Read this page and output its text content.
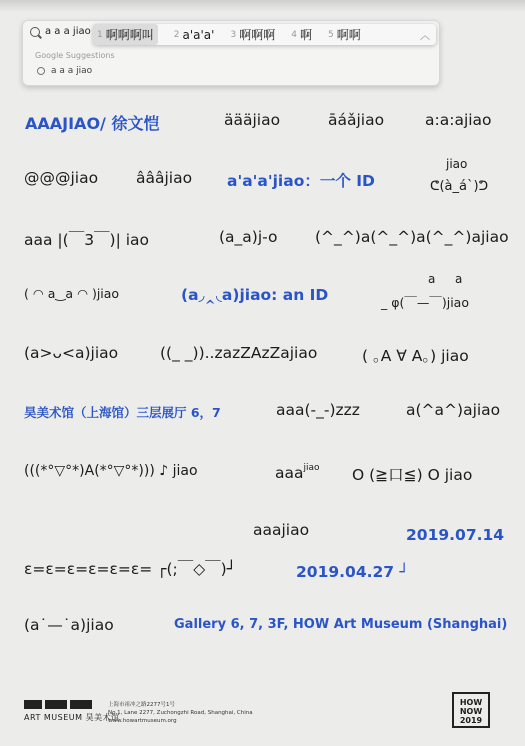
a a a jiao
Google Suggestions
a a a jiao
1 啊啊啊叫 2 a'a'a' 3 啊啊啊 4 啊 5 啊啊	︿
AAAJIAO/ 徐文恺	äääjiao	āáǎjiao	a:a:ajiao
@@@jiao âââjiao a'a'a'jiao：一个 ID
jiao
ᕦ(à_á`)ᕤ
aaa |(￣3￣)| iao	(a_a)j-o (^_^)a(^_^)a(^_^)ajiao
( ◠ a‿a ◠ )jiao	(a◞‸◟a)jiao: an ID
a a
_ φ(￣—￣)jiao
(a>ᴗ<a)jiao	((_ _))..zazZAzZajiao	( ｡A ∀ A。) jiao
昊美术馆（上海馆）三层展厅 6，7	aaa(-_-)zzz	a(^a^)ajiao
(((*°▽°*)A(*°▽°*))) ♪ jiao	aaa$^{jiao}$ O (≧口≦) O jiao
aaajiao	2019.07.14
ε=ε=ε=ε=ε=ε= ┌(;￣◇￣)┘	2019.04.27 ┘
(a˙—˙a)jiao	Gallery 6, 7, 3F, HOW Art Museum (Shanghai)
ART MUSEUM 昊美术馆
上海市祖冲之路2277号1号
No.1, Lane 2277, Zuchongzhi Road, Shanghai, China
www.howartmuseum.org
HOW
NOW
2019
